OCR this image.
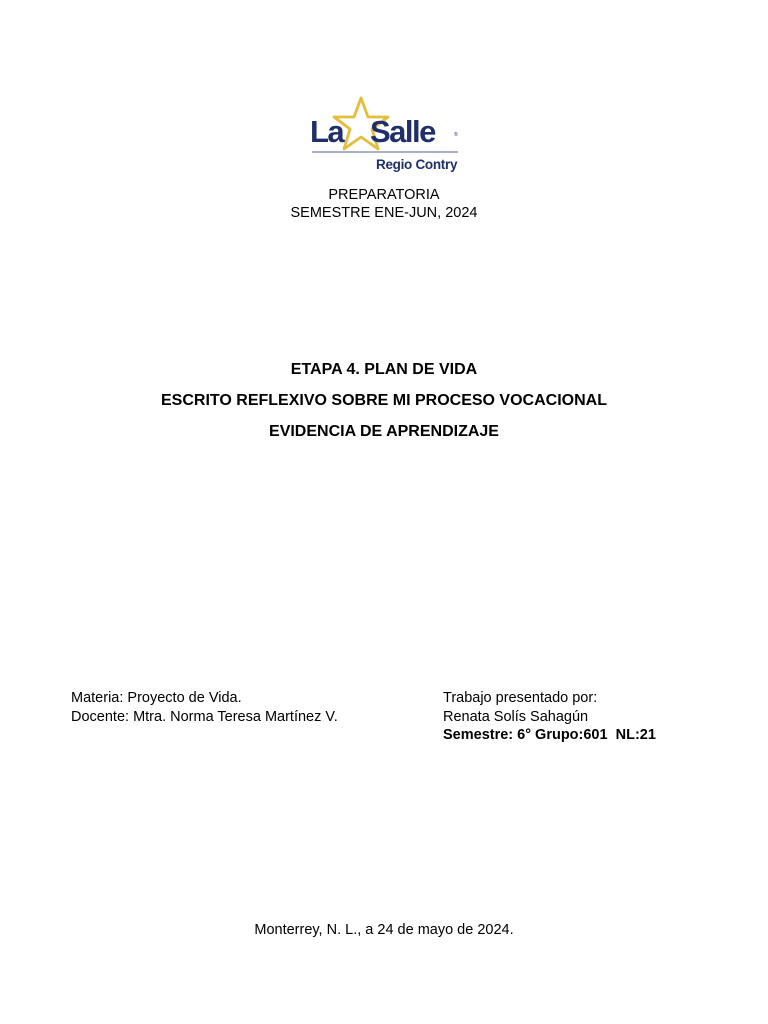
La Salle	®
Regio Contry
PREPARATORIA
SEMESTRE ENE-JUN, 2024
ETAPA 4. PLAN DE VIDA
ESCRITO REFLEXIVO SOBRE MI PROCESO VOCACIONAL
EVIDENCIA DE APRENDIZAJE
Materia: Proyecto de Vida.
Docente: Mtra. Norma Teresa Martínez V.
Trabajo presentado por:
Renata Solís Sahagún
Semestre: 6° Grupo:601  NL:21
Monterrey, N. L., a 24 de mayo de 2024.
